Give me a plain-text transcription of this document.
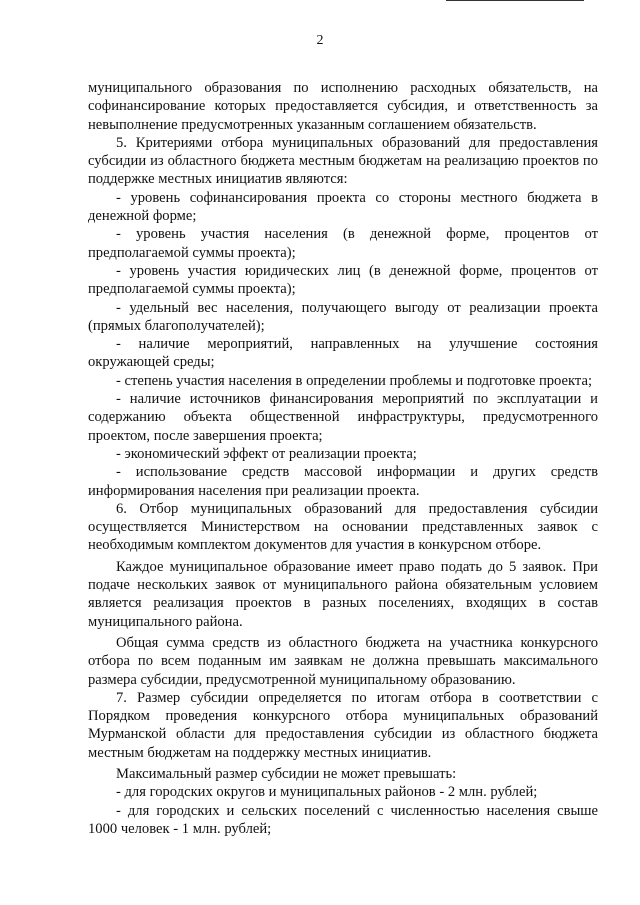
2

муниципального образования по исполнению расходных обязательств, на софинансирование которых предоставляется субсидия, и ответственность за невыполнение предусмотренных указанным соглашением обязательств.

5. Критериями отбора муниципальных образований для предоставления субсидии из областного бюджета местным бюджетам на реализацию проектов по поддержке местных инициатив являются:

- уровень софинансирования проекта со стороны местного бюджета в денежной форме;

- уровень участия населения (в денежной форме, процентов от предполагаемой суммы проекта);

- уровень участия юридических лиц (в денежной форме, процентов от предполагаемой суммы проекта);

- удельный вес населения, получающего выгоду от реализации проекта (прямых благополучателей);

- наличие мероприятий, направленных на улучшение состояния окружающей среды;

- степень участия населения в определении проблемы и подготовке проекта;

- наличие источников финансирования мероприятий по эксплуатации и содержанию объекта общественной инфраструктуры, предусмотренного проектом, после завершения проекта;

- экономический эффект от реализации проекта;

- использование средств массовой информации и других средств информирования населения при реализации проекта.

6. Отбор муниципальных образований для предоставления субсидии осуществляется Министерством на основании представленных заявок с необходимым комплектом документов для участия в конкурсном отборе.

Каждое муниципальное образование имеет право подать до 5 заявок. При подаче нескольких заявок от муниципального района обязательным условием является реализация проектов в разных поселениях, входящих в состав муниципального района.

Общая сумма средств из областного бюджета на участника конкурсного отбора по всем поданным им заявкам не должна превышать максимального размера субсидии, предусмотренной муниципальному образованию.

7. Размер субсидии определяется по итогам отбора в соответствии с Порядком проведения конкурсного отбора муниципальных образований Мурманской области для предоставления субсидии из областного бюджета местным бюджетам на поддержку местных инициатив.

Максимальный размер субсидии не может превышать:

- для городских округов и муниципальных районов - 2 млн. рублей;

- для городских и сельских поселений с численностью населения свыше 1000 человек - 1 млн. рублей;
